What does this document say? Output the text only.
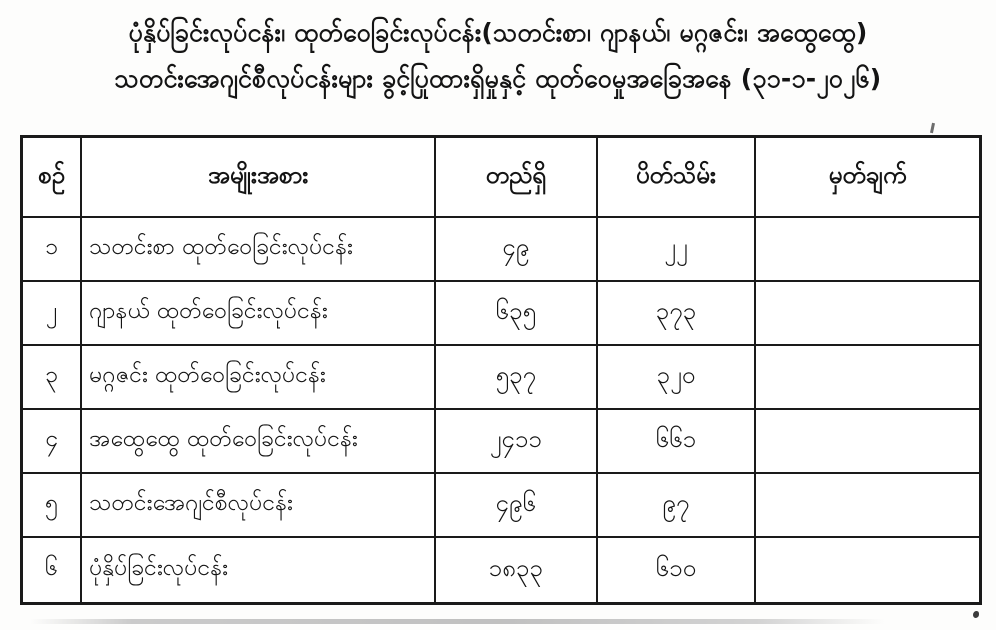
ပုံနှိပ်ခြင်းလုပ်ငန်း၊ ထုတ်ဝေခြင်းလုပ်ငန်း(သတင်းစာ၊ ဂျာနယ်၊ မဂ္ဂဇင်း၊ အထွေထွေ)
သတင်းအေဂျင်စီလုပ်ငန်းများ ခွင့်ပြုထားရှိမှုနှင့် ထုတ်ဝေမှုအခြေအနေ (၃၁-၁-၂၀၂၆)
စဉ်	အမျိုးအစား	တည်ရှိ	ပိတ်သိမ်း	မှတ်ချက်
၁	သတင်းစာ ထုတ်ဝေခြင်းလုပ်ငန်း	၄၉	၂၂
၂	ဂျာနယ် ထုတ်ဝေခြင်းလုပ်ငန်း	၆၃၅	၃၇၃
၃	မဂ္ဂဇင်း ထုတ်ဝေခြင်းလုပ်ငန်း	၅၃၇	၃၂၀
၄	အထွေထွေ ထုတ်ဝေခြင်းလုပ်ငန်း	၂၄၁၁	၆၆၁
၅	သတင်းအေဂျင်စီလုပ်ငန်း	၄၉၆	၉၇
၆	ပုံနှိပ်ခြင်းလုပ်ငန်း	၁၈၃၃	၆၁၀
